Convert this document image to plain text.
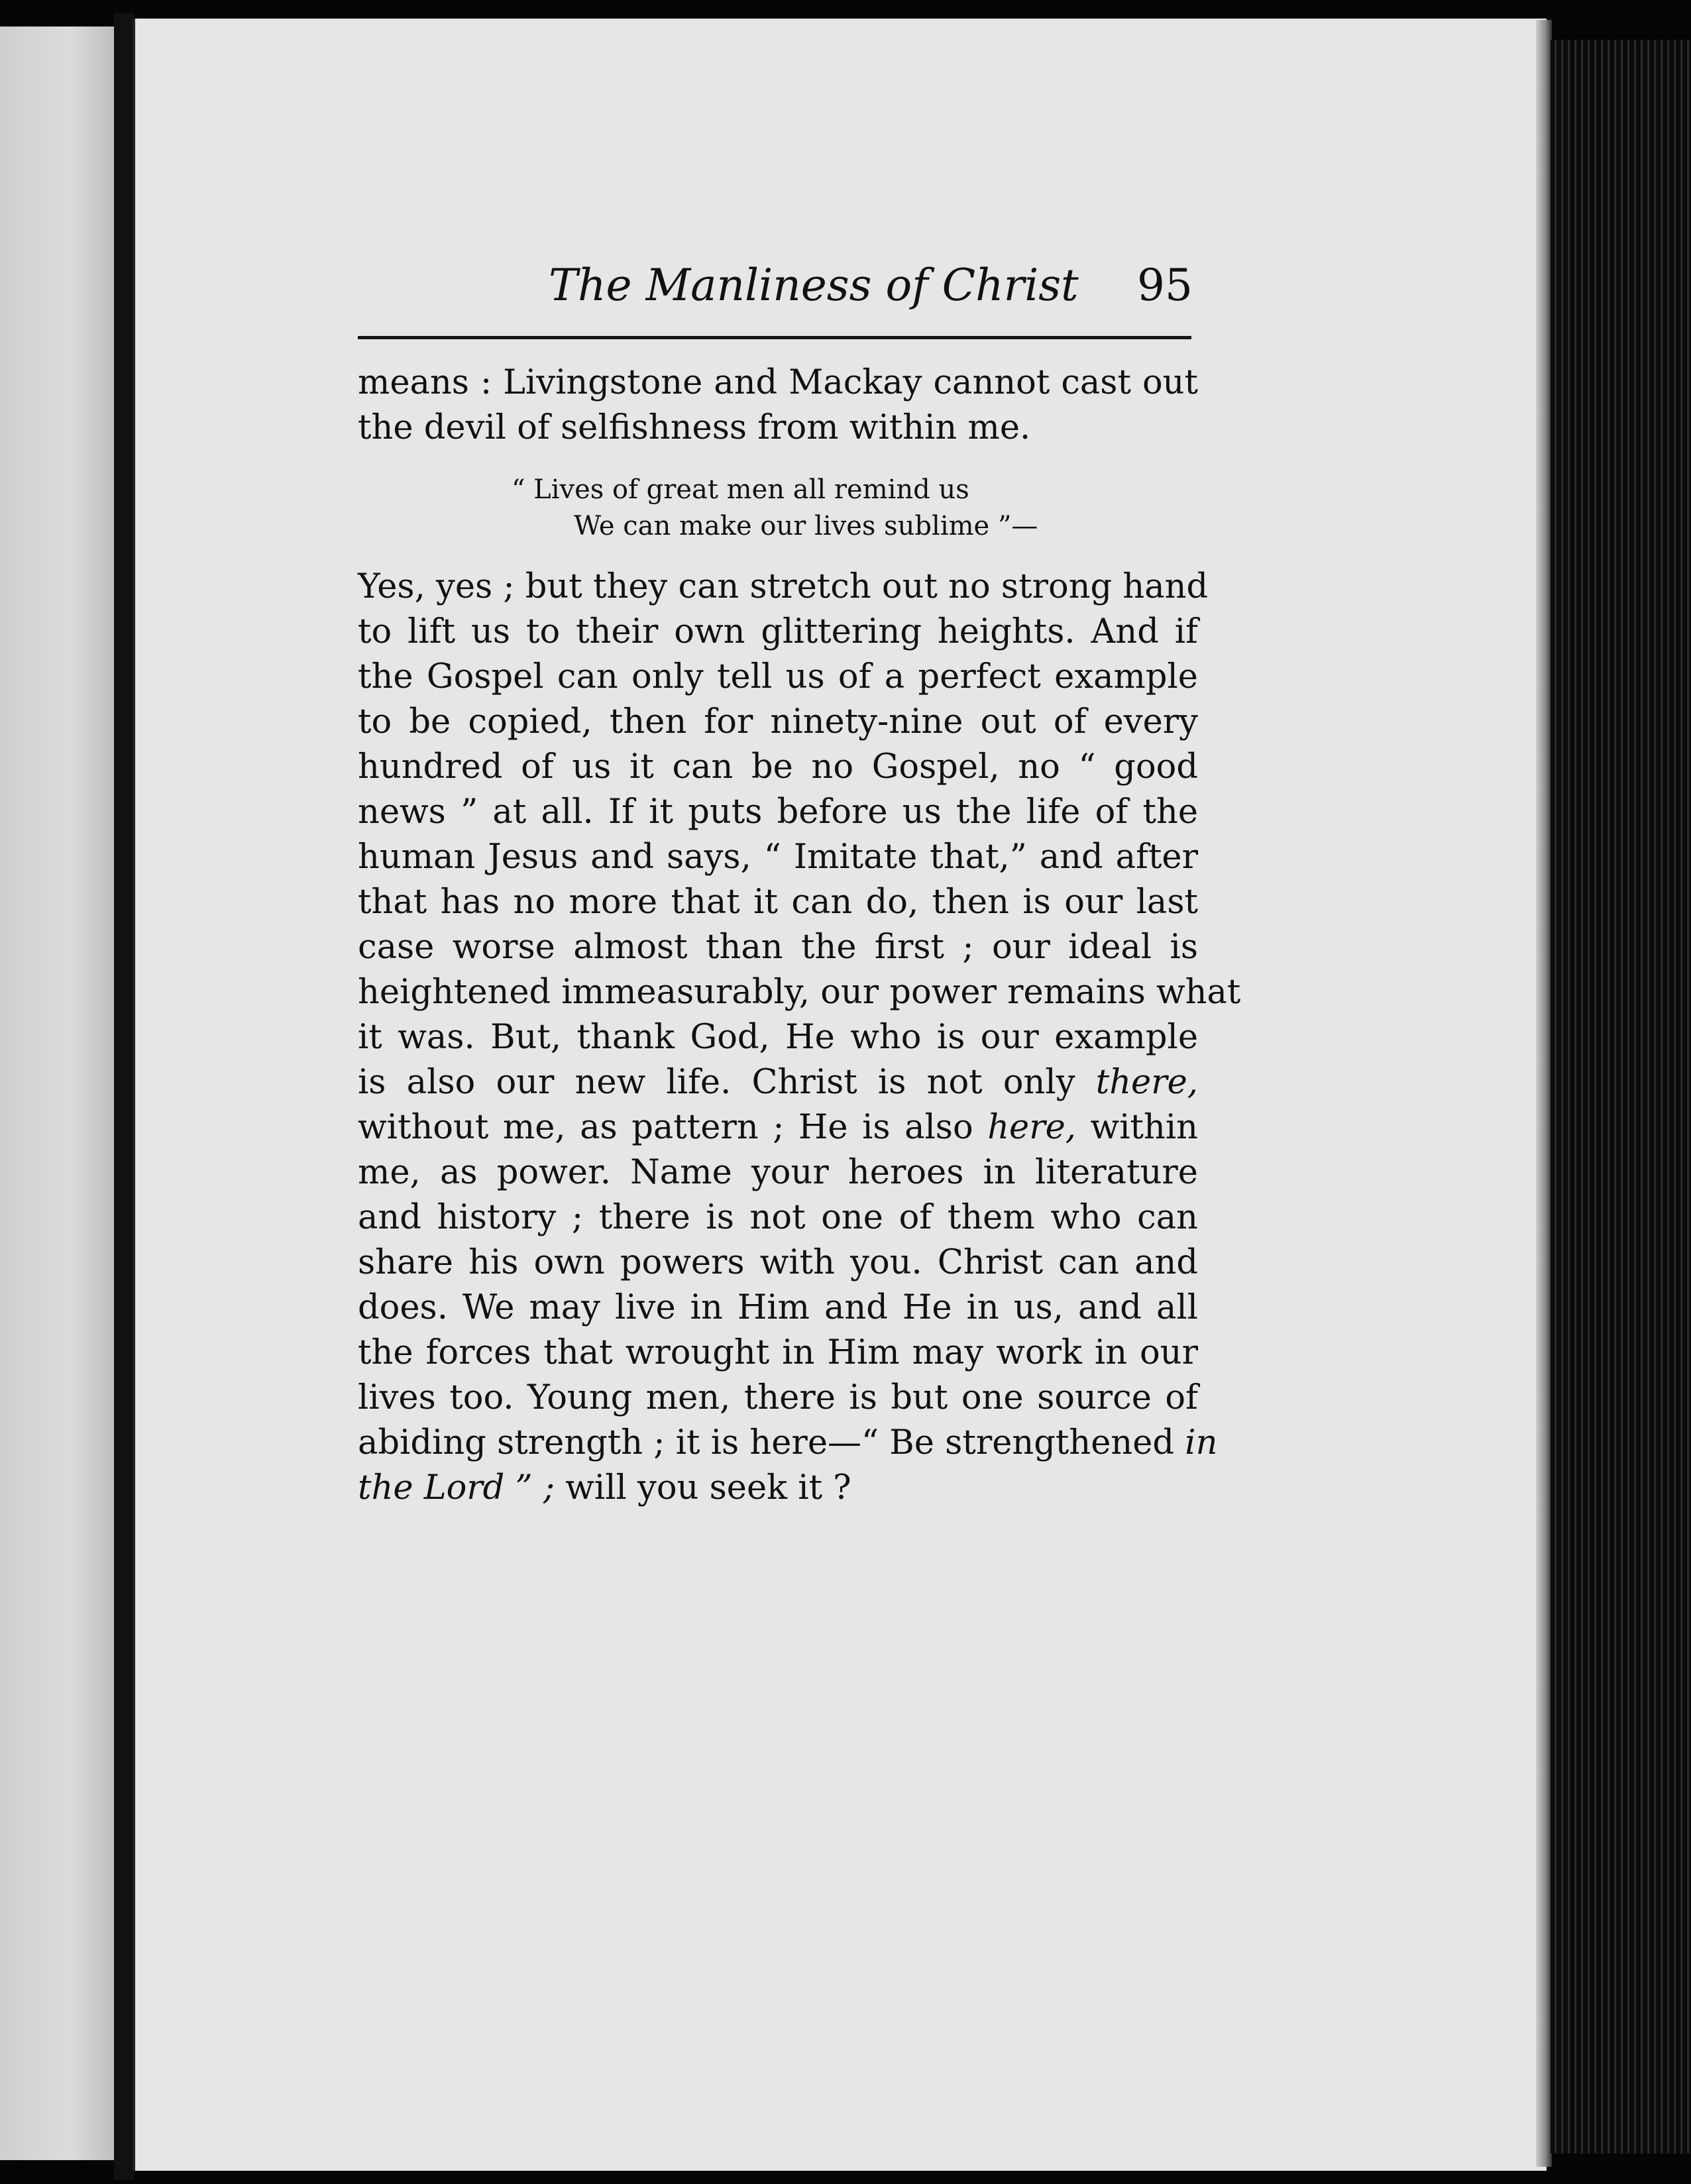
The Manliness of Christ 95
means : Livingstone and Mackay cannot cast out
the devil of selfishness from within me.
“ Lives of great men all remind us
We can make our lives sublime ”—
Yes, yes ; but they can stretch out no strong hand
to lift us to their own glittering heights. And if
the Gospel can only tell us of a perfect example
to be copied, then for ninety-nine out of every
hundred of us it can be no Gospel, no “ good
news ” at all. If it puts before us the life of the
human Jesus and says, “ Imitate that,” and after
that has no more that it can do, then is our last
case worse almost than the first ; our ideal is
heightened immeasurably, our power remains what
it was. But, thank God, He who is our example
is also our new life. Christ is not only there,
without me, as pattern ; He is also here, within
me, as power. Name your heroes in literature
and history ; there is not one of them who can
share his own powers with you. Christ can and
does. We may live in Him and He in us, and all
the forces that wrought in Him may work in our
lives too. Young men, there is but one source of
abiding strength ; it is here—“ Be strengthened in
the Lord ” ; will you seek it ?
